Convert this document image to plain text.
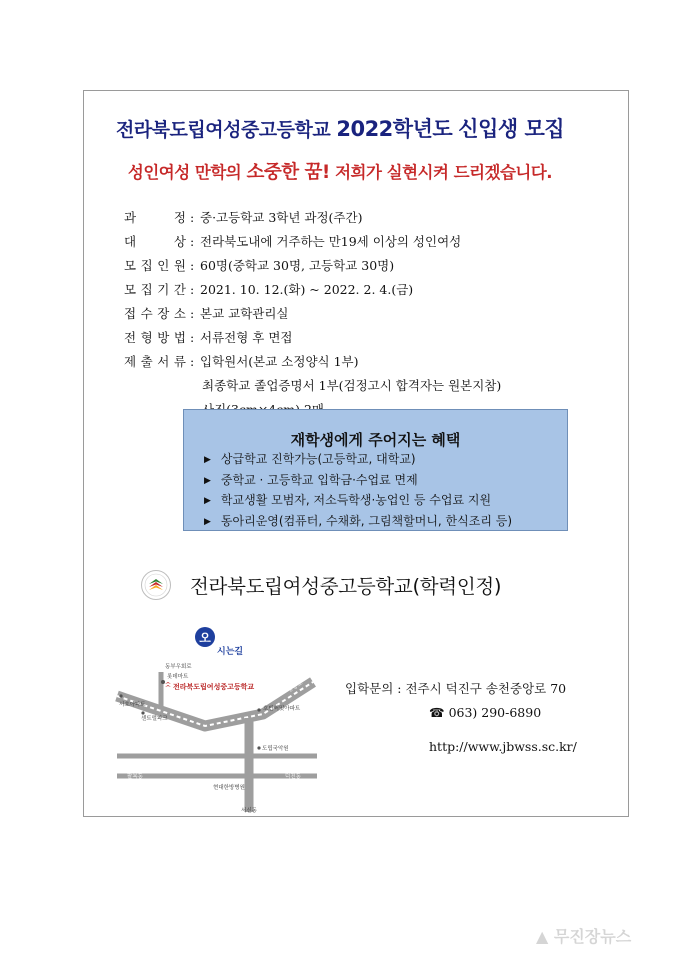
전라북도립여성중고등학교 2022학년도 신입생 모집
성인여성 만학의 소중한 꿈! 저희가 실현시켜 드리겠습니다.
과	정 : 중·고등학교 3학년 과정(주간)
대	상 : 전라북도내에 거주하는 만19세 이상의 성인여성
모 집 인 원 : 60명(중학교 30명, 고등학교 30명)
모 집 기 간 : 2021. 10. 12.(화) ~ 2022. 2. 4.(금)
접 수 장 소 : 본교 교학관리실
전 형 방 법 : 서류전형 후 면접
제 출 서 류 : 입학원서(본교 소정양식 1부)
최종학교 졸업증명서 1부(검정고시 합격자는 원본지참)
재학생에게 주어지는 혜택
▶ 상급학교 진학가능(고등학교, 대학교)
▶ 중학교 · 고등학교 입학금·수업료 면제
▶ 학교생활 모범자, 저소득학생·농업인 등 수업료 지원
▶ 동아리운영(컴퓨터, 수채화, 그림책할머니, 한식조리 등)
전라북도립여성중고등학교(학력인정)
오
시는길
동부우회로
롯데마트
전라북도립여성중고등학교
서호아파트
센트럴파크
호반써밋아파트
도립국악원
현대한방병원
서신동
덕진동
팔복동
용흥로	입학문의 : 전주시 덕진구 송천중앙로 70
☎ 063) 290-6890
http://www.jbwss.sc.kr/
▲ 무진장뉴스
